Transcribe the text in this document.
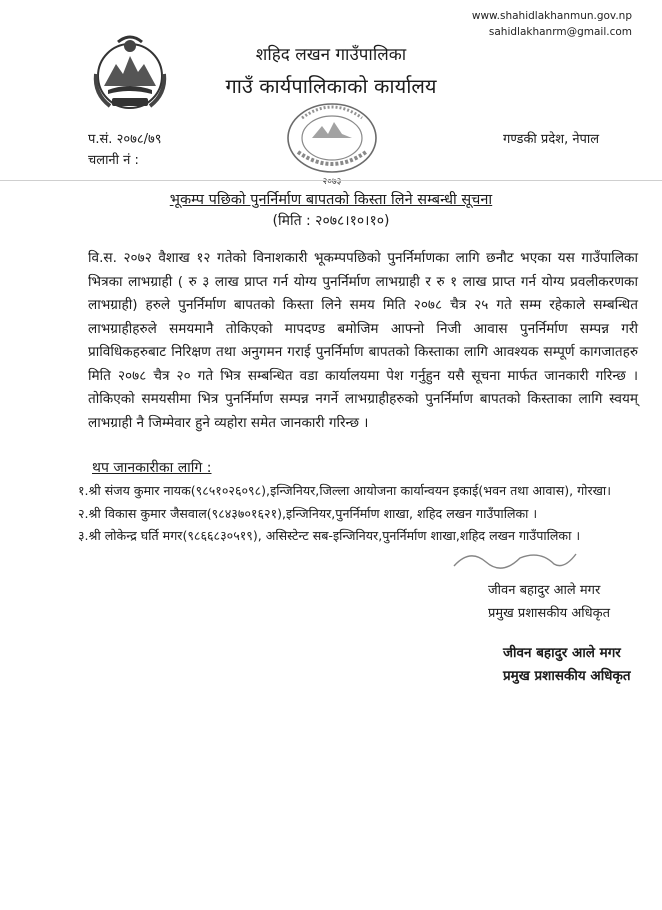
www.shahidlakhanmun.gov.np
sahidlakhanrm@gmail.com
शहिद लखन गाउँपालिका
गाउँ कार्यपालिकाको कार्यालय
२०७३
प.सं. २०७८/७९
चलानी नं :
गण्डकी प्रदेश, नेपाल
भूकम्प पछिको पुनर्निर्माण बापतको किस्ता लिने सम्बन्धी सूचना
(मिति : २०७८।१०।१०)
वि.स. २०७२ वैशाख १२ गतेको विनाशकारी भूकम्पपछिको पुनर्निर्माणका लागि छनौट भएका यस गाउँपालिका भित्रका लाभग्राही ( रु ३ लाख प्राप्त गर्न योग्य पुनर्निर्माण लाभग्राही र रु १ लाख प्राप्त गर्न योग्य प्रवलीकरणका लाभग्राही) हरुले पुनर्निर्माण बापतको किस्ता लिने समय मिति २०७८ चैत्र २५ गते सम्म रहेकाले सम्बन्धित लाभग्राहीहरुले समयमानै तोकिएको मापदण्ड बमोजिम आफ्नो निजी आवास पुनर्निर्माण सम्पन्न गरी प्राविधिकहरुबाट निरिक्षण तथा अनुगमन गराई पुनर्निर्माण बापतको किस्ताका लागि आवश्यक सम्पूर्ण कागजातहरु मिति २०७८ चैत्र २० गते भित्र सम्बन्धित वडा कार्यालयमा पेश गर्नुहुन यसै सूचना मार्फत जानकारी गरिन्छ । तोकिएको समयसीमा भित्र पुनर्निर्माण सम्पन्न नगर्ने लाभग्राहीहरुको पुनर्निर्माण बापतको किस्ताका लागि स्वयम् लाभग्राही नै जिम्मेवार हुने व्यहोरा समेत जानकारी गरिन्छ ।
थप जानकारीका लागि :
१.श्री संजय कुमार नायक(९८५१०२६०९८),इन्जिनियर,जिल्ला आयोजना कार्यान्वयन इकाई(भवन तथा आवास), गोरखा।
२.श्री विकास कुमार जैसवाल(९८४३७०१६२१),इन्जिनियर,पुनर्निर्माण शाखा, शहिद लखन गाउँपालिका ।
३.श्री लोकेन्द्र घर्ति मगर(९८६६८३०५१९), असिस्टेन्ट सब-इन्जिनियर,पुनर्निर्माण शाखा,शहिद लखन गाउँपालिका ।
जीवन बहादुर आले मगर
प्रमुख प्रशासकीय अधिकृत
जीवन बहादुर आले मगर
प्रमुख प्रशासकीय अधिकृत
